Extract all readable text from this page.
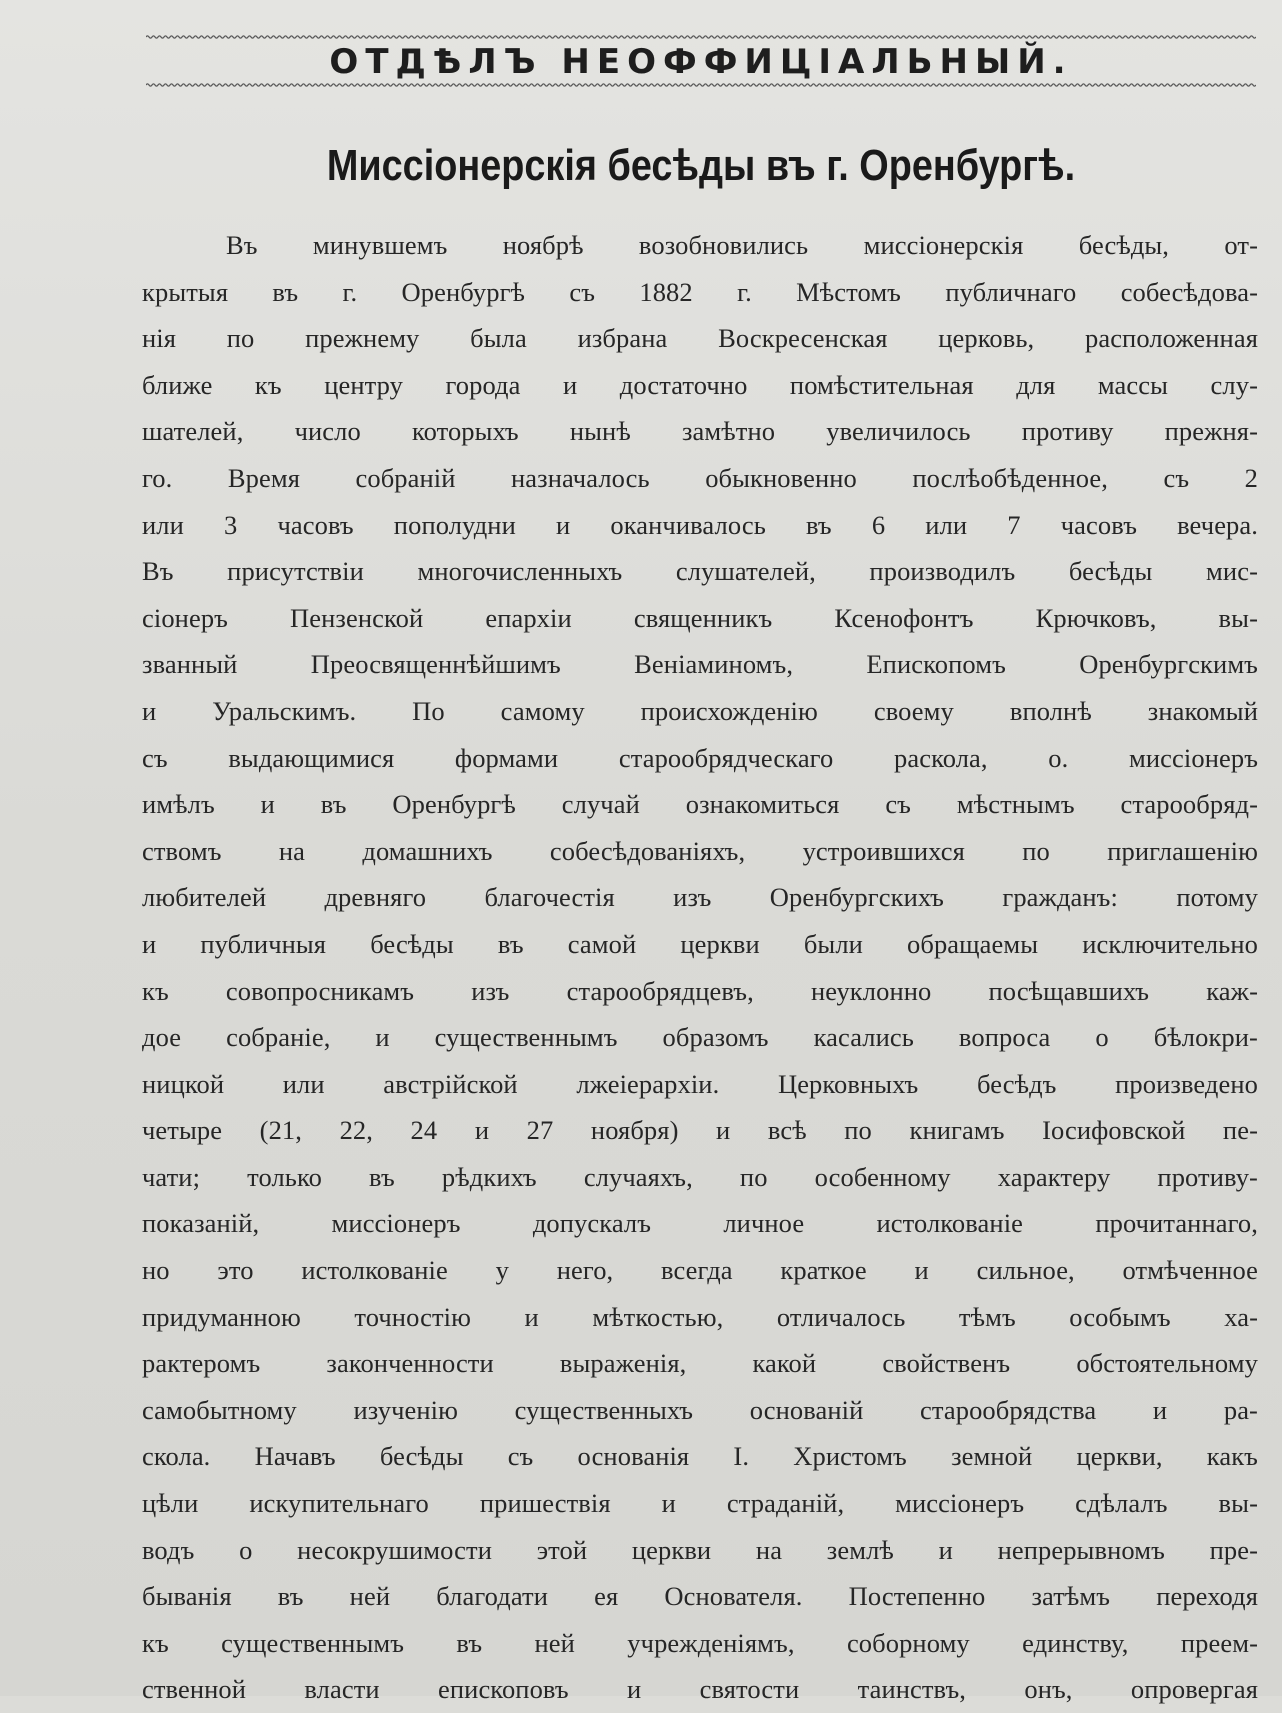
ОТДѢЛЪ НЕОФФИЦІАЛЬНЫЙ.
Миссіонерскія бесѣды въ г. Оренбургѣ.
Въ минувшемъ ноябрѣ возобновились миссіонерскія бесѣды, от-
крытыя въ г. Оренбургѣ съ 1882 г. Мѣстомъ публичнаго собесѣдова-
нія по прежнему была избрана Воскресенская церковь, расположенная
ближе къ центру города и достаточно помѣстительная для массы слу-
шателей, число которыхъ нынѣ замѣтно увеличилось противу прежня-
го. Время собраній назначалось обыкновенно послѣобѣденное, съ 2
или 3 часовъ пополудни и оканчивалось въ 6 или 7 часовъ вечера.
Въ присутствіи многочисленныхъ слушателей, производилъ бесѣды мис-
сіонеръ Пензенской епархіи священникъ Ксенофонтъ Крючковъ, вы-
званный Преосвященнѣйшимъ Веніаминомъ, Епископомъ Оренбургскимъ
и Уральскимъ. По самому происхожденію своему вполнѣ знакомый
съ выдающимися формами старообрядческаго раскола, о. миссіонеръ
имѣлъ и въ Оренбургѣ случай ознакомиться съ мѣстнымъ старообряд-
ствомъ на домашнихъ собесѣдованіяхъ, устроившихся по приглашенію
любителей древняго благочестія изъ Оренбургскихъ гражданъ: потому
и публичныя бесѣды въ самой церкви были обращаемы исключительно
къ совопросникамъ изъ старообрядцевъ, неуклонно посѣщавшихъ каж-
дое собраніе, и существеннымъ образомъ касались вопроса о бѣлокри-
ницкой или австрійской лжеіерархіи. Церковныхъ бесѣдъ произведено
четыре (21, 22, 24 и 27 ноября) и всѣ по книгамъ Іосифовской пе-
чати; только въ рѣдкихъ случаяхъ, по особенному характеру противу-
показаній, миссіонеръ допускалъ личное истолкованіе прочитаннаго,
но это истолкованіе у него, всегда краткое и сильное, отмѣченное
придуманною точностію и мѣткостью, отличалось тѣмъ особымъ ха-
рактеромъ законченности выраженія, какой свойственъ обстоятельному
самобытному изученію существенныхъ основаній старообрядства и ра-
скола. Начавъ бесѣды съ основанія І. Христомъ земной церкви, какъ
цѣли искупительнаго пришествія и страданій, миссіонеръ сдѣлалъ вы-
водъ о несокрушимости этой церкви на землѣ и непрерывномъ пре-
быванія въ ней благодати ея Основателя. Постепенно затѣмъ переходя
къ существеннымъ въ ней учрежденіямъ, соборному единству, преем-
ственной власти епископовъ и святости таинствъ, онъ, опровергая
